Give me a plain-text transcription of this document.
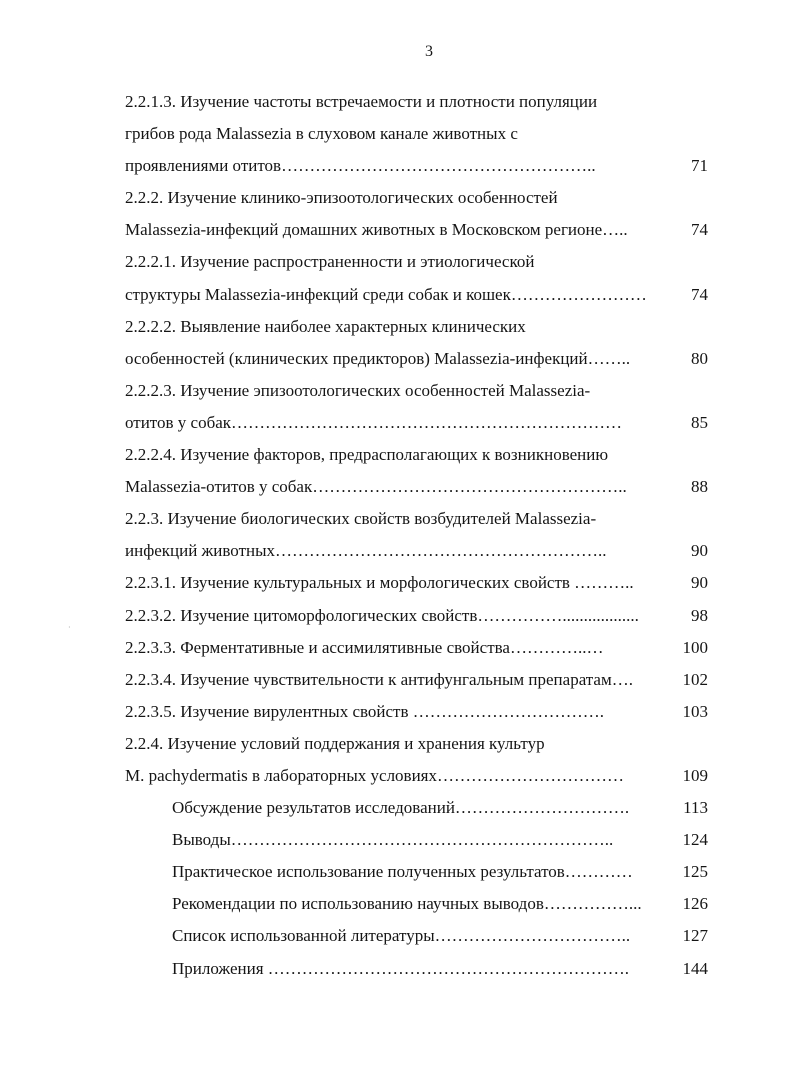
3
2.2.1.3. Изучение частоты встречаемости и плотности популяции
грибов рода Malassezia в слуховом канале животных с
проявлениями отитов………………………………………………..	71
2.2.2. Изучение клинико-эпизоотологических особенностей
Malassezia-инфекций домашних животных в Московском регионе…..	74
2.2.2.1. Изучение распространенности и этиологической
структуры Malassezia-инфекций среди собак и кошек……………………	74
2.2.2.2. Выявление наиболее характерных клинических
особенностей (клинических предикторов) Malassezia-инфекций……..	80
2.2.2.3. Изучение эпизоотологических особенностей Malassezia-
отитов у собак……………………………………………………………	85
2.2.2.4. Изучение факторов, предрасполагающих к возникновению
Malassezia-отитов у собак………………………………………………..	88
2.2.3. Изучение биологических свойств возбудителей Malassezia-
инфекций животных…………………………………………………..	90
2.2.3.1. Изучение культуральных и морфологических свойств ………..	90
2.2.3.2. Изучение цитоморфологических свойств……………..................	98
2.2.3.3. Ферментативные и ассимилятивные свойства…………..…	100
2.2.3.4. Изучение чувствительности к антифунгальным препаратам….	102
2.2.3.5. Изучение вирулентных свойств …………………………….	103
2.2.4. Изучение условий поддержания и хранения культур
M. pachydermatis в лабораторных условиях……………………………	109
Обсуждение результатов исследований………………………….	113
Выводы…………………………………………………………..	124
Практическое использование полученных результатов…………	125
Рекомендации по использованию научных выводов……………... 126
Список использованной литературы……………………………..	127
Приложения ……………………………………………………….	144
·
